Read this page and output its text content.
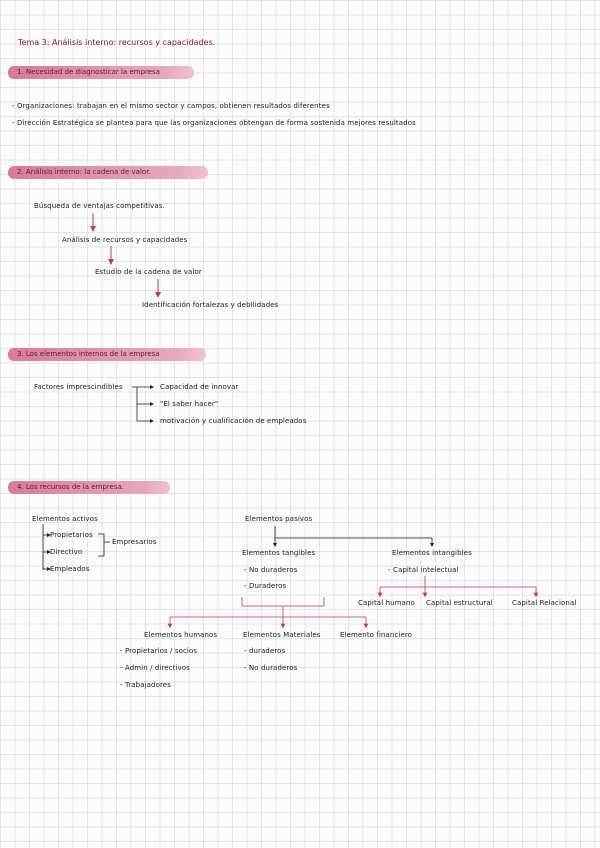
Tema 3: Análisis interno: recursos y capacidades.
1. Necesidad de diagnosticar la empresa
- Organizaciones: trabajan en el mismo sector y campos, obtienen resultados diferentes
- Dirección Estratégica se plantea para que las organizaciones obtengan de forma sostenida mejores resultados
2. Análisis interno: la cadena de valor.
Búsqueda de ventajas competitivas.
Análisis de recursos y capacidades
Estudio de la cadena de valor
Identificación fortalezas y debilidades
3. Los elementos internos de la empresa
Factores imprescindibles	Capacidad de innovar
"El saber hacer"
motivación y cualificación de empleados
4. Los recursos de la empresa.
Elementos activos
Propietarios
Directivo
Empleados
Empresarios
Elementos pasivos
Elementos tangibles
- No duraderos
- Duraderos
Elementos intangibles
- Capital intelectual
Capital humano Capital estructural	Capital Relacional
Elementos humanos
- Propietarios / socios
- Admin / directivos
- Trabajadores
Elementos Materiales
- duraderos
- No duraderos
Elemento financiero
